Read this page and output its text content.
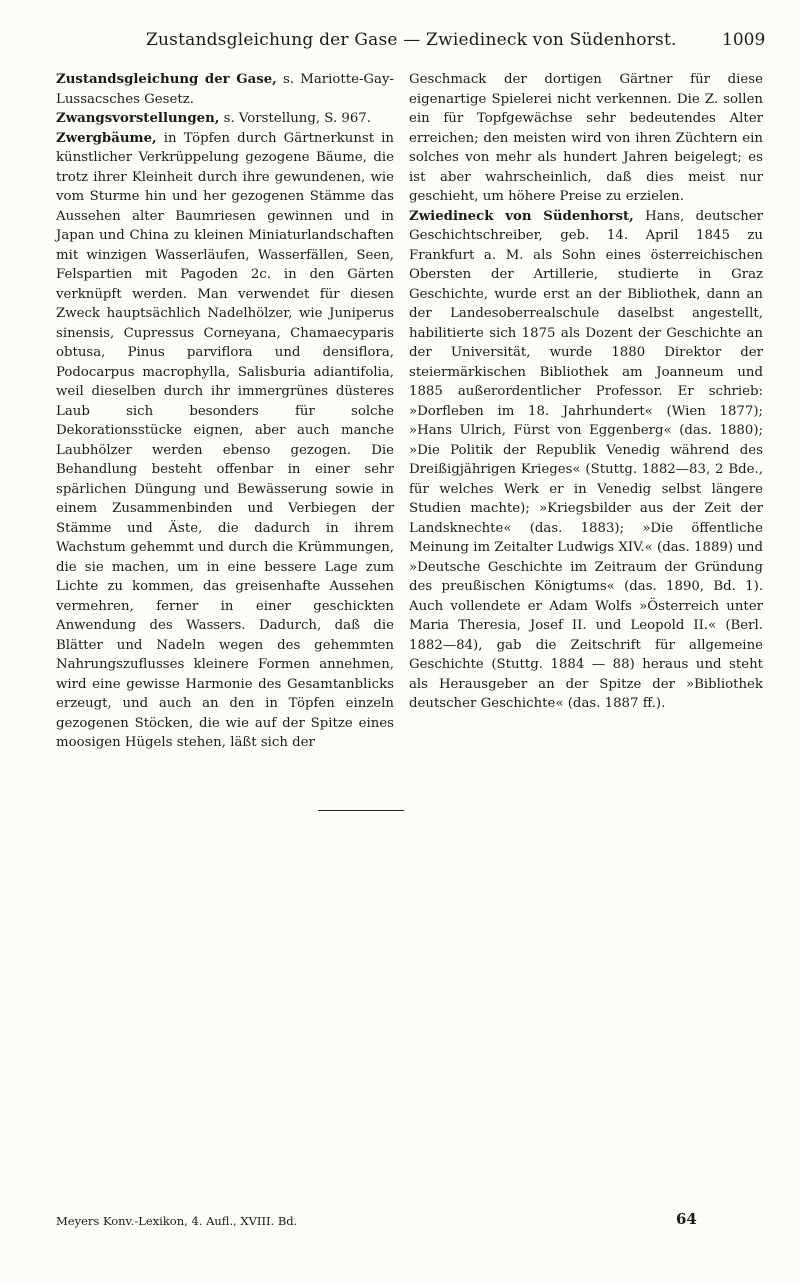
Zustandsgleichung der Gase — Zwiedineck von Südenhorst.	1009

Zustandsgleichung der Gase, s. Mariotte-Gay-Lussacsches Gesetz.

Zwangsvorstellungen, s. Vorstellung, S. 967.

Zwergbäume, in Töpfen durch Gärtnerkunst in künstlicher Verkrüppelung gezogene Bäume, die trotz ihrer Kleinheit durch ihre gewundenen, wie vom Sturme hin und her gezogenen Stämme das Aussehen alter Baumriesen gewinnen und in Japan und China zu kleinen Miniaturlandschaften mit winzigen Wasserläufen, Wasserfällen, Seen, Felspartien mit Pagoden 2c. in den Gärten verknüpft werden. Man verwendet für diesen Zweck hauptsächlich Nadelhölzer, wie Juniperus sinensis, Cupressus Corneyana, Chamaecyparis obtusa, Pinus parviflora und densiflora, Podocarpus macrophylla, Salisburia adiantifolia, weil dieselben durch ihr immergrünes düsteres Laub sich besonders für solche Dekorationsstücke eignen, aber auch manche Laubhölzer werden ebenso gezogen. Die Behandlung besteht offenbar in einer sehr spärlichen Düngung und Bewässerung sowie in einem Zusammenbinden und Verbiegen der Stämme und Äste, die dadurch in ihrem Wachstum gehemmt und durch die Krümmungen, die sie machen, um in eine bessere Lage zum Lichte zu kommen, das greisenhafte Aussehen vermehren, ferner in einer geschickten Anwendung des Wassers. Dadurch, daß die Blätter und Nadeln wegen des gehemmten Nahrungszuflusses kleinere Formen annehmen, wird eine gewisse Harmonie des Gesamtanblicks erzeugt, und auch an den in Töpfen einzeln gezogenen Stöcken, die wie auf der Spitze eines moosigen Hügels stehen, läßt sich der

Geschmack der dortigen Gärtner für diese eigenartige Spielerei nicht verkennen. Die Z. sollen ein für Topfgewächse sehr bedeutendes Alter erreichen; den meisten wird von ihren Züchtern ein solches von mehr als hundert Jahren beigelegt; es ist aber wahrscheinlich, daß dies meist nur geschieht, um höhere Preise zu erzielen.

Zwiedineck von Südenhorst, Hans, deutscher Geschichtschreiber, geb. 14. April 1845 zu Frankfurt a. M. als Sohn eines österreichischen Obersten der Artillerie, studierte in Graz Geschichte, wurde erst an der Bibliothek, dann an der Landesoberrealschule daselbst angestellt, habilitierte sich 1875 als Dozent der Geschichte an der Universität, wurde 1880 Direktor der steiermärkischen Bibliothek am Joanneum und 1885 außerordentlicher Professor. Er schrieb: »Dorfleben im 18. Jahrhundert« (Wien 1877); »Hans Ulrich, Fürst von Eggenberg« (das. 1880); »Die Politik der Republik Venedig während des Dreißigjährigen Krieges« (Stuttg. 1882—83, 2 Bde., für welches Werk er in Venedig selbst längere Studien machte); »Kriegsbilder aus der Zeit der Landsknechte« (das. 1883); »Die öffentliche Meinung im Zeitalter Ludwigs XIV.« (das. 1889) und »Deutsche Geschichte im Zeitraum der Gründung des preußischen Königtums« (das. 1890, Bd. 1). Auch vollendete er Adam Wolfs »Österreich unter Maria Theresia, Josef II. und Leopold II.« (Berl. 1882—84), gab die Zeitschrift für allgemeine Geschichte (Stuttg. 1884 — 88) heraus und steht als Herausgeber an der Spitze der »Bibliothek deutscher Geschichte« (das. 1887 ff.).

Meyers Konv.-Lexikon, 4. Aufl., XVIII. Bd.	64
